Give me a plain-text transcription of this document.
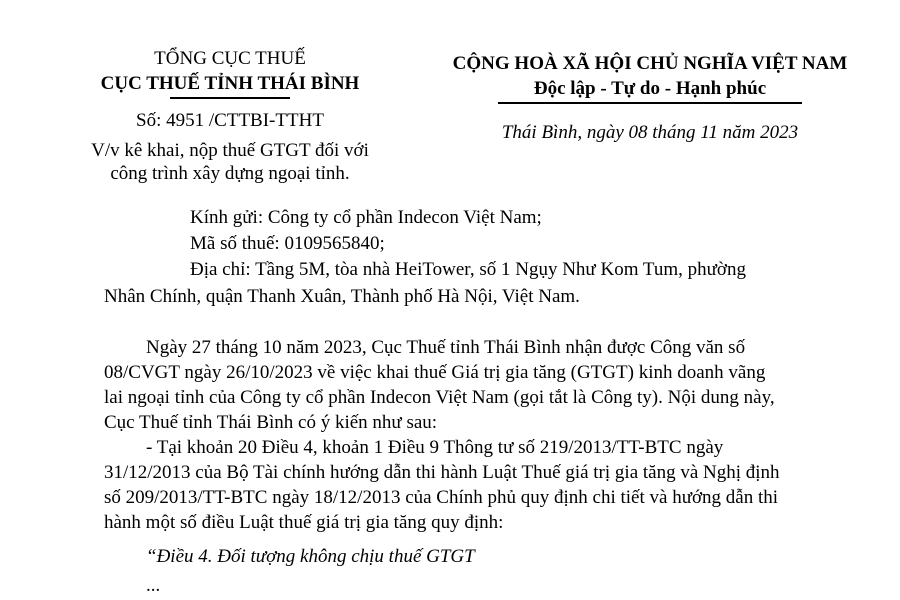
TỔNG CỤC THUẾ
CỤC THUẾ TỈNH THÁI BÌNH
Số: 4951 /CTTBI-TTHT
V/v kê khai, nộp thuế GTGT đối với
công trình xây dựng ngoại tỉnh.
CỘNG HOÀ XÃ HỘI CHỦ NGHĨA VIỆT NAM
Độc lập - Tự do - Hạnh phúc
Thái Bình, ngày 08 tháng 11 năm 2023
Kính gửi: Công ty cổ phần Indecon Việt Nam;
Mã số thuế: 0109565840;
Địa chỉ: Tầng 5M, tòa nhà HeiTower, số 1 Ngụy Như Kom Tum, phường
Nhân Chính, quận Thanh Xuân, Thành phố Hà Nội, Việt Nam.
Ngày 27 tháng 10 năm 2023, Cục Thuế tỉnh Thái Bình nhận được Công văn số
08/CVGT ngày 26/10/2023 về việc khai thuế Giá trị gia tăng (GTGT) kinh doanh vãng
lai ngoại tỉnh của Công ty cổ phần Indecon Việt Nam (gọi tắt là Công ty). Nội dung này,
Cục Thuế tỉnh Thái Bình có ý kiến như sau:
- Tại khoản 20 Điều 4, khoản 1 Điều 9 Thông tư số 219/2013/TT-BTC ngày
31/12/2013 của Bộ Tài chính hướng dẫn thi hành Luật Thuế giá trị gia tăng và Nghị định
số 209/2013/TT-BTC ngày 18/12/2013 của Chính phủ quy định chi tiết và hướng dẫn thi
hành một số điều Luật thuế giá trị gia tăng quy định:
“Điều 4. Đối tượng không chịu thuế GTGT
...
